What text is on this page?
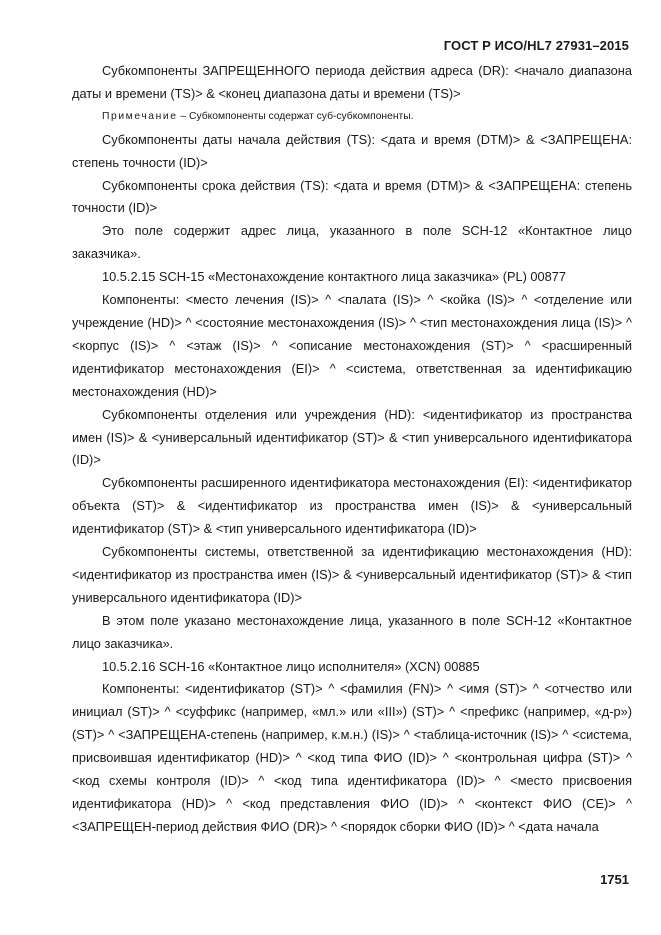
ГОСТ Р ИСО/HL7 27931–2015

Субкомпоненты ЗАПРЕЩЕННОГО периода действия адреса (DR): <начало диапазона даты и времени (TS)> & <конец диапазона даты и времени (TS)>

Примечание – Субкомпоненты содержат суб-субкомпоненты.

Субкомпоненты даты начала действия (TS): <дата и время (DTM)> & <ЗАПРЕЩЕНА: степень точности (ID)>

Субкомпоненты срока действия (TS): <дата и время (DTM)> & <ЗАПРЕЩЕНА: степень точности (ID)>

Это поле содержит адрес лица, указанного в поле SCH-12 «Контактное лицо заказчика».

10.5.2.15 SCH-15 «Местонахождение контактного лица заказчика» (PL) 00877

Компоненты: <место лечения (IS)> ^ <палата (IS)> ^ <койка (IS)> ^ <отделение или учреждение (HD)> ^ <состояние местонахождения (IS)> ^ <тип местонахождения лица (IS)> ^ <корпус (IS)> ^ <этаж (IS)> ^ <описание местонахождения (ST)> ^ <расширенный идентификатор местонахождения (EI)> ^ <система, ответственная за идентификацию местонахождения (HD)>

Субкомпоненты отделения или учреждения (HD): <идентификатор из пространства имен (IS)> & <универсальный идентификатор (ST)> & <тип универсального идентификатора (ID)>

Субкомпоненты расширенного идентификатора местонахождения (EI): <идентификатор объекта (ST)> & <идентификатор из пространства имен (IS)> & <универсальный идентификатор (ST)> & <тип универсального идентификатора (ID)>

Субкомпоненты системы, ответственной за идентификацию местонахождения (HD): <идентификатор из пространства имен (IS)> & <универсальный идентификатор (ST)> & <тип универсального идентификатора (ID)>

В этом поле указано местонахождение лица, указанного в поле SCH-12 «Контактное лицо заказчика».

10.5.2.16 SCH-16 «Контактное лицо исполнителя» (XCN) 00885

Компоненты: <идентификатор (ST)> ^ <фамилия (FN)> ^ <имя (ST)> ^ <отчество или инициал (ST)> ^ <суффикс (например, «мл.» или «III») (ST)> ^ <префикс (например, «д-р») (ST)> ^ <ЗАПРЕЩЕНА-степень (например, к.м.н.) (IS)> ^ <таблица-источник (IS)> ^ <система, присвоившая идентификатор (HD)> ^ <код типа ФИО (ID)> ^ <контрольная цифра (ST)> ^ <код схемы контроля (ID)> ^ <код типа идентификатора (ID)> ^ <место присвоения идентификатора (HD)> ^ <код представления ФИО (ID)> ^ <контекст ФИО (CE)> ^ <ЗАПРЕЩЕН-период действия ФИО (DR)> ^ <порядок сборки ФИО (ID)> ^ <дата начала

1751
